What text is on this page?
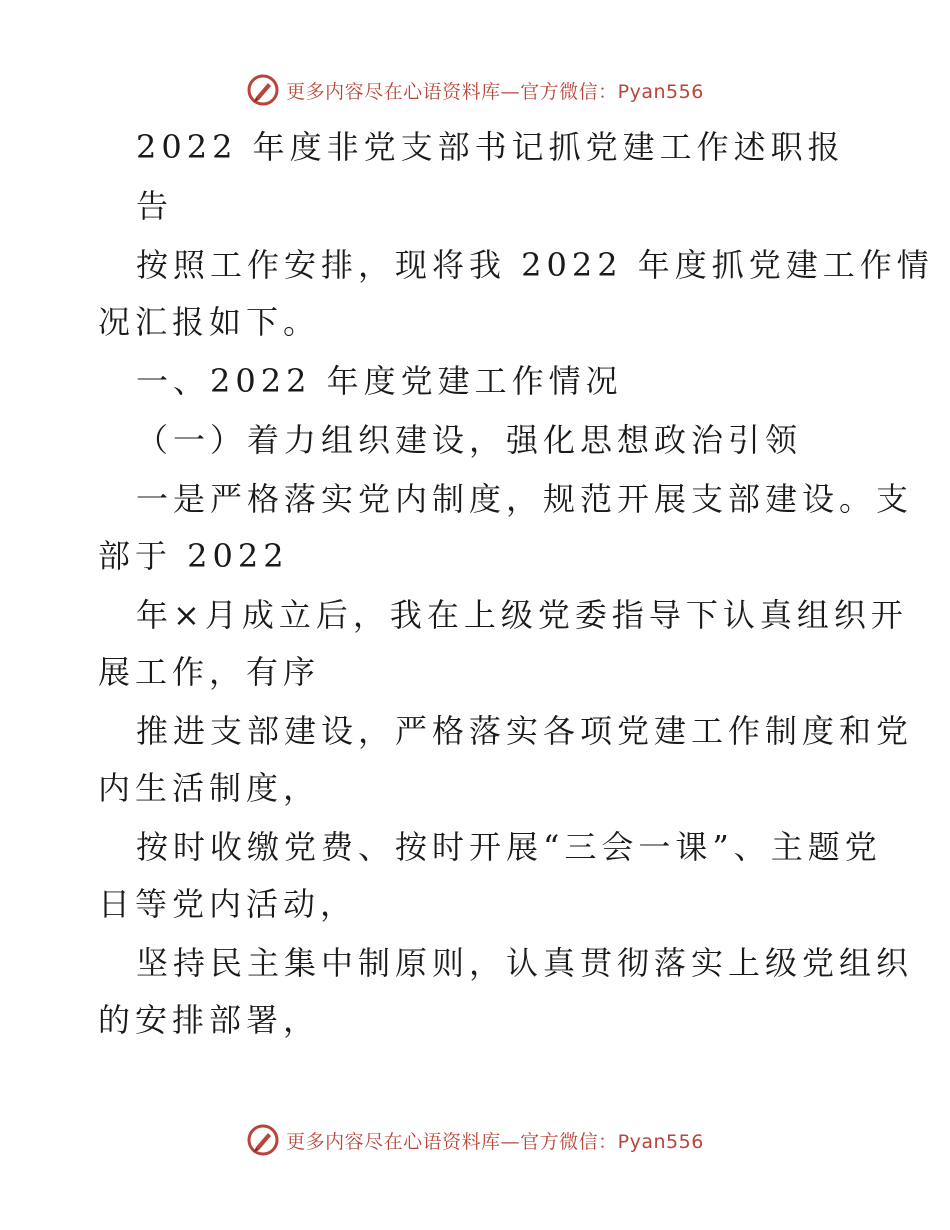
更多内容尽在心语资料库—官方微信：Pyan556
2022 年度非党支部书记抓党建工作述职报
告
按照工作安排，现将我 2022 年度抓党建工作情
况汇报如下。
一、2022 年度党建工作情况
（一）着力组织建设，强化思想政治引领
一是严格落实党内制度，规范开展支部建设。支
部于 2022
年×月成立后，我在上级党委指导下认真组织开
展工作，有序
推进支部建设，严格落实各项党建工作制度和党
内生活制度，
按时收缴党费、按时开展“三会一课”、主题党
日等党内活动，
坚持民主集中制原则，认真贯彻落实上级党组织
的安排部署，
更多内容尽在心语资料库—官方微信：Pyan556
